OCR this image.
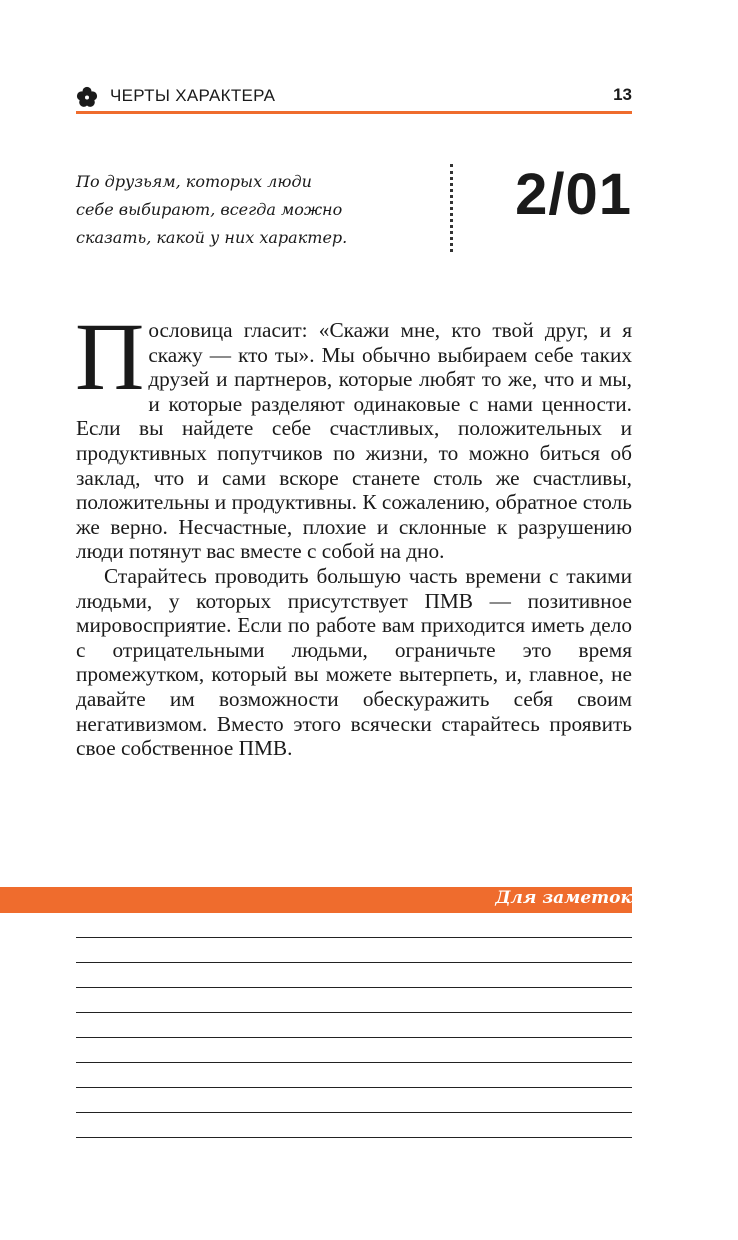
ЧЕРТЫ ХАРАКТЕРА	13
По друзьям, которых люди
себе выбирают, всегда можно
сказать, какой у них характер.
2/01

Пословица гласит: «Скажи мне, кто твой друг, и я скажу — кто ты». Мы обычно выбираем себе таких друзей и партнеров, которые любят то же, что и мы, и которые разделяют одинаковые с нами ценности. Если вы найдете себе счастливых, положительных и продуктивных попутчиков по жизни, то можно биться об заклад, что и сами вскоре станете столь же счастливы, положительны и продуктивны. К сожалению, обратное столь же верно. Несчастные, плохие и склонные к разрушению люди потянут вас вместе с собой на дно.

Старайтесь проводить большую часть времени с такими людьми, у которых присутствует ПМВ — позитивное мировосприятие. Если по работе вам приходится иметь дело с отрицательными людьми, ограничьте это время промежутком, который вы можете вытерпеть, и, главное, не давайте им возможности обескуражить себя своим негативизмом. Вместо этого всячески старайтесь проявить свое собственное ПМВ.

Для заметок
